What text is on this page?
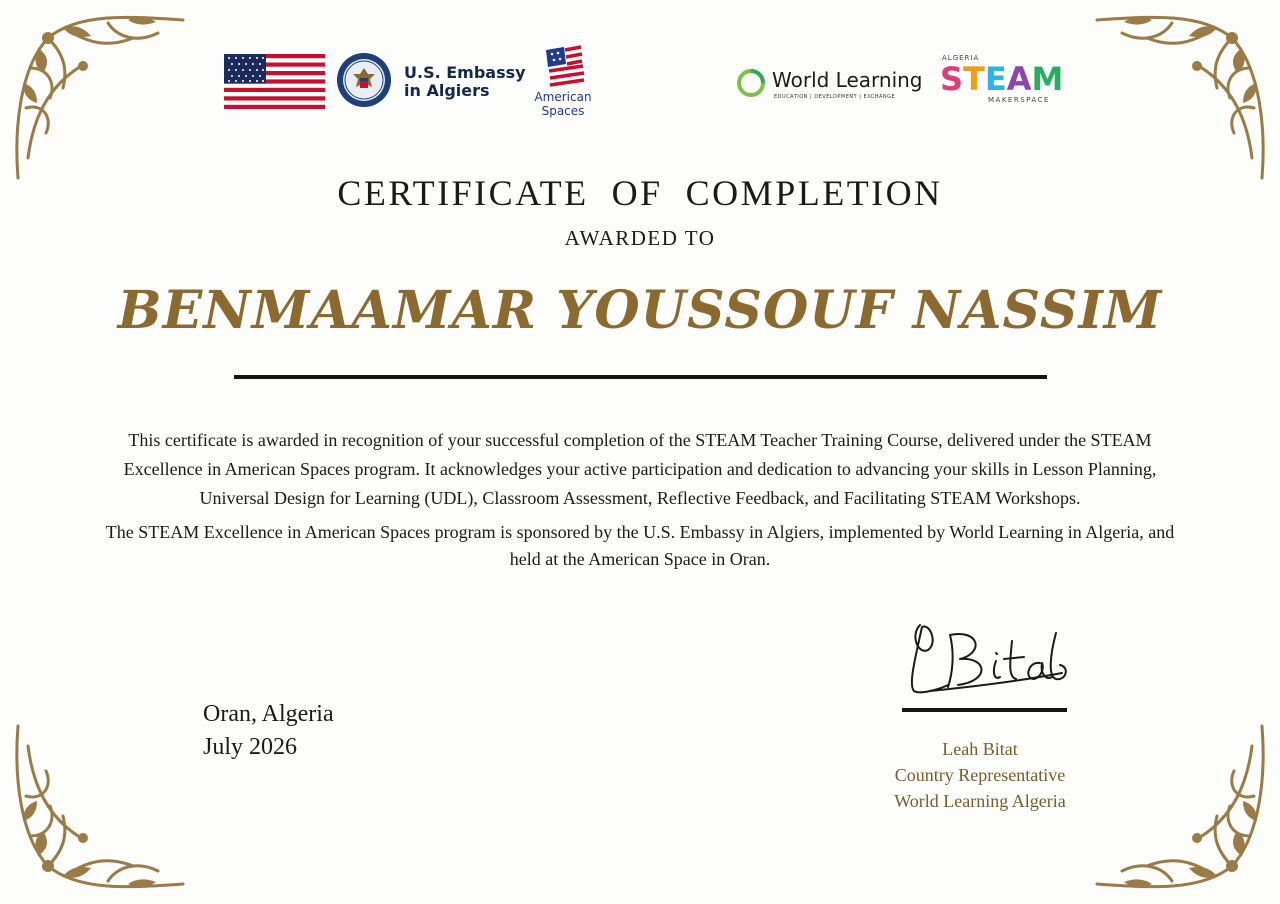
U.S. Embassy
in Algiers	American
Spaces
World Learning
EDUCATION | DEVELOPMENT | EXCHANGE
ALGERIA
STEAM
MAKERSPACE
CERTIFICATE  OF  COMPLETION
AWARDED TO
BENMAAMAR YOUSSOUF NASSIM
This certificate is awarded in recognition of your successful completion of the STEAM Teacher Training Course, delivered under the STEAM Excellence in American Spaces program. It acknowledges your active participation and dedication to advancing your skills in Lesson Planning, Universal Design for Learning (UDL), Classroom Assessment, Reflective Feedback, and Facilitating STEAM Workshops.
The STEAM Excellence in American Spaces program is sponsored by the U.S. Embassy in Algiers, implemented by World Learning in Algeria, and held at the American Space in Oran.
Oran, Algeria
July 2026	Leah Bitat
Country Representative
World Learning Algeria
